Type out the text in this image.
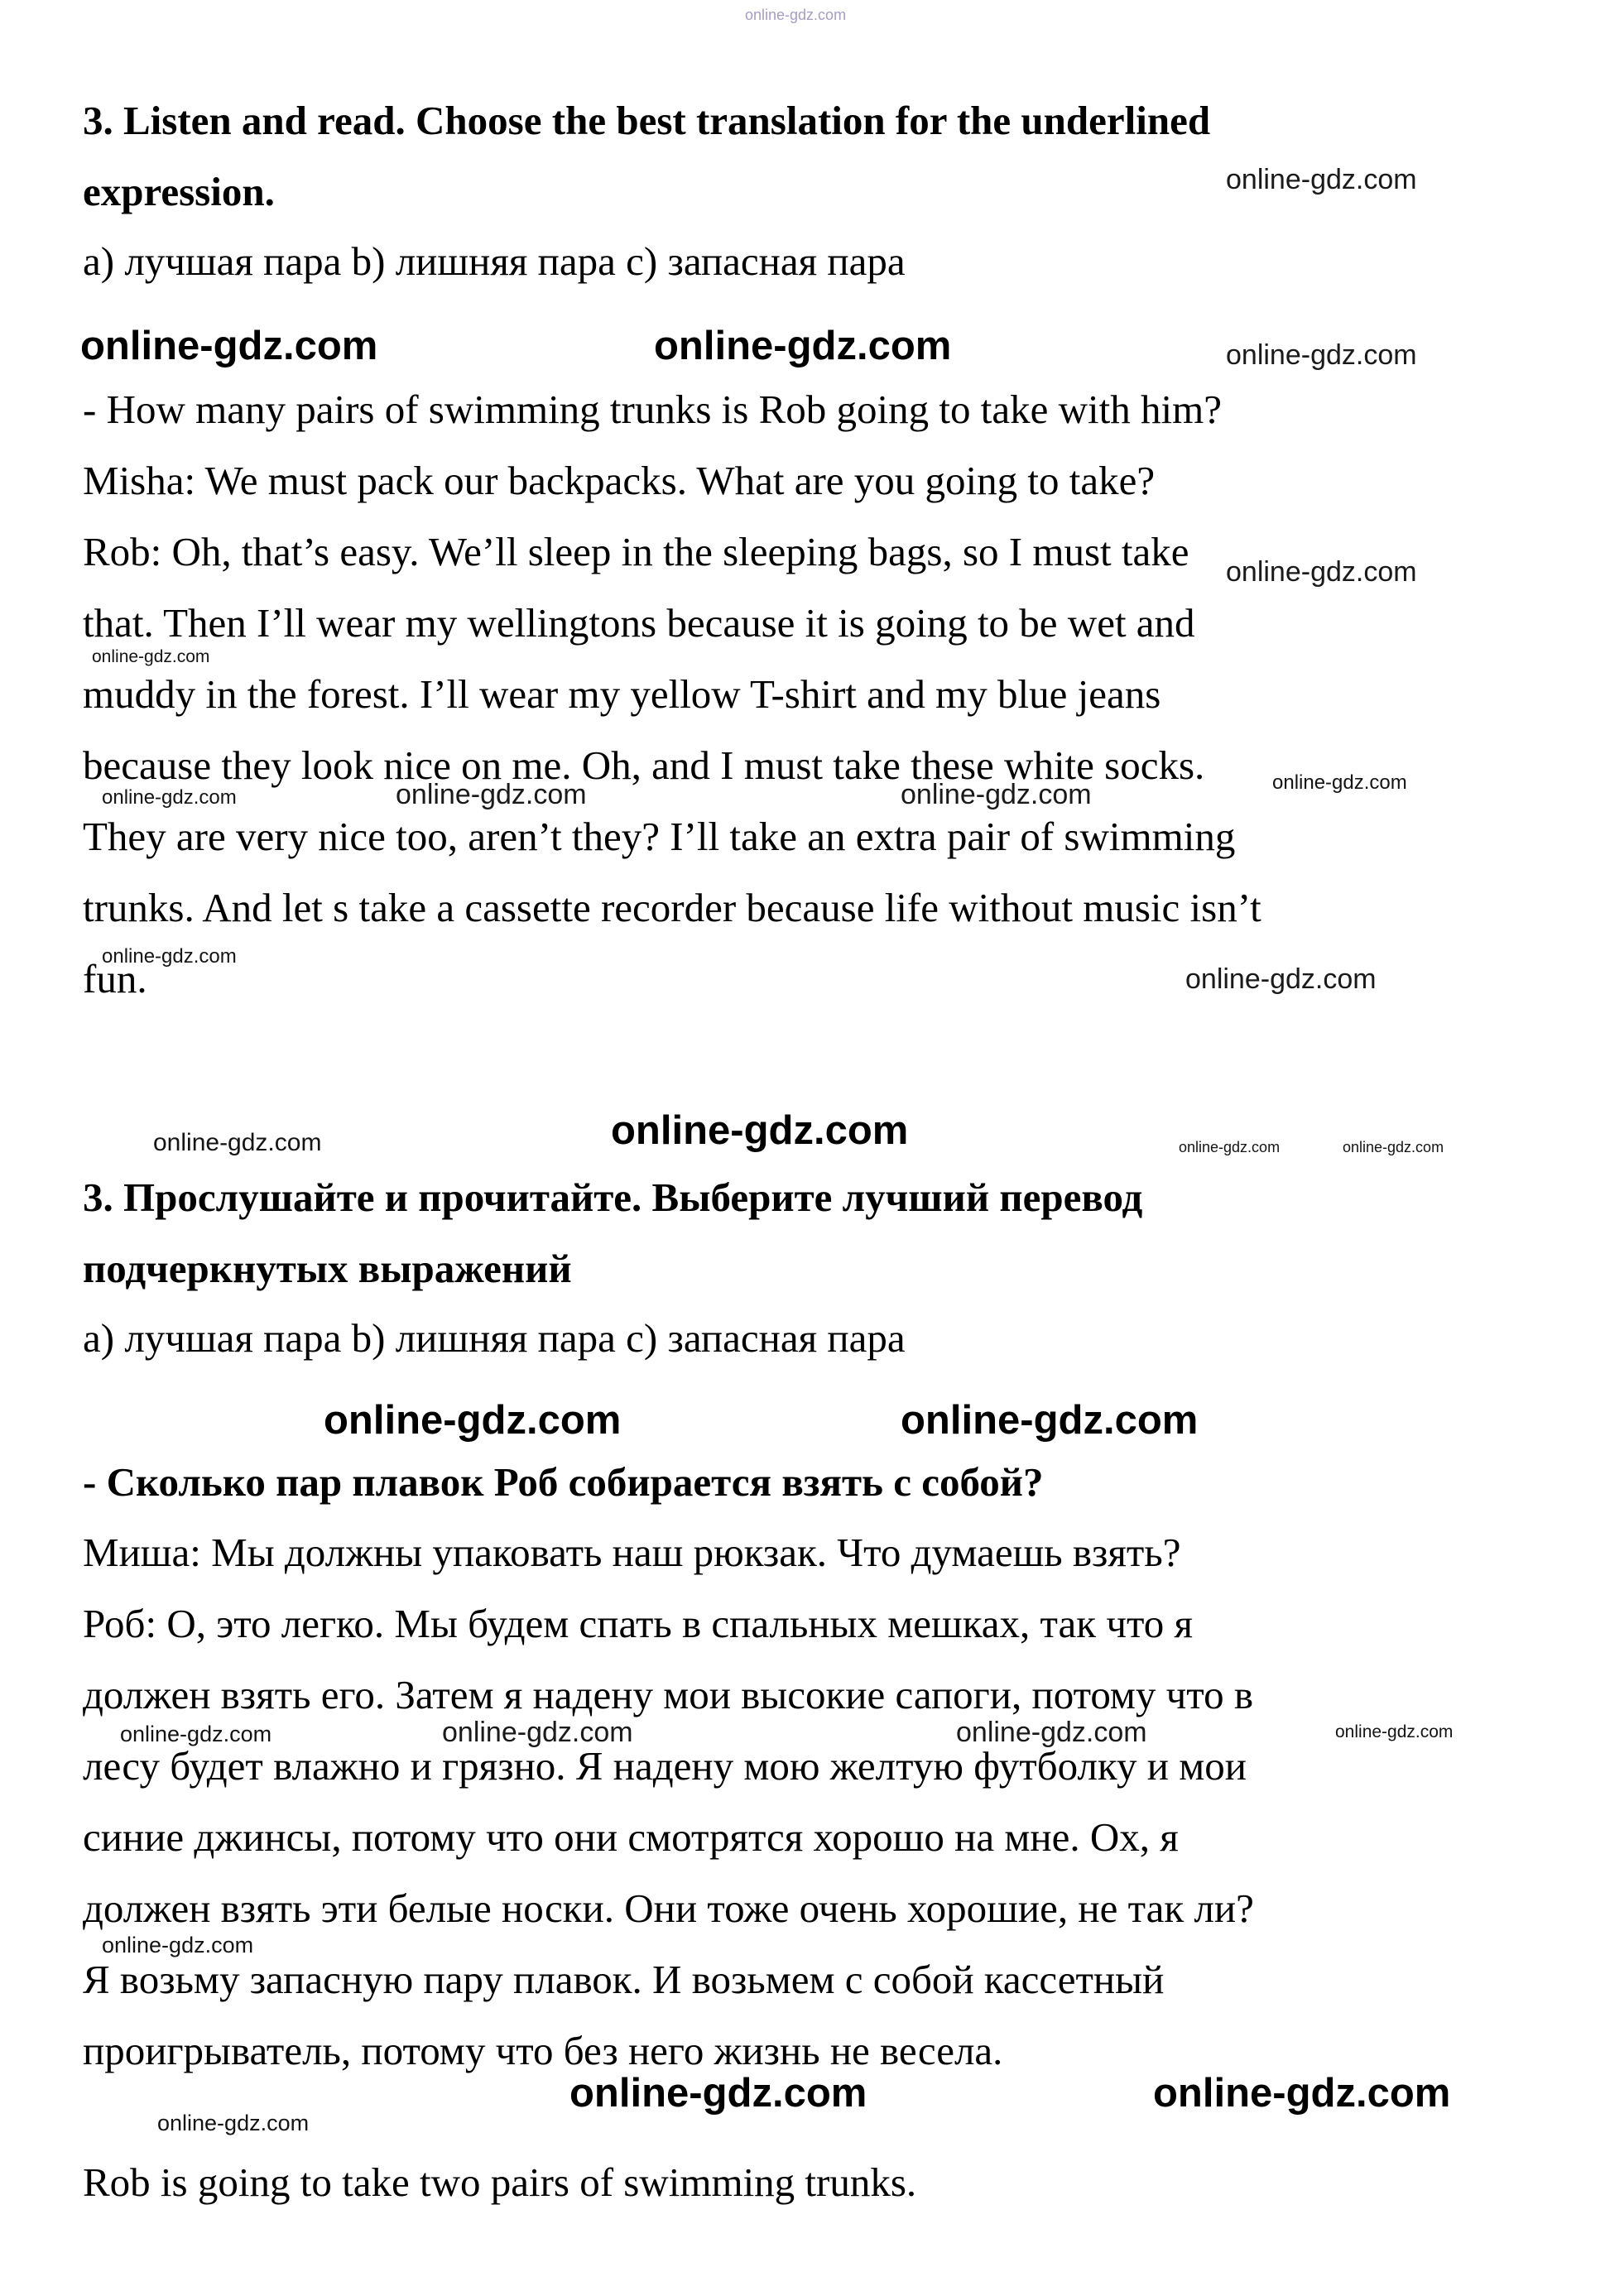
online-gdz.com
online-gdz.com
online-gdz.com	online-gdz.com	online-gdz.com
online-gdz.com
online-gdz.com
online-gdz.com	online-gdz.com	online-gdz.com	online-gdz.com
online-gdz.com
online-gdz.com
online-gdz.com	online-gdz.com	online-gdz.com	online-gdz.com
online-gdz.com	online-gdz.com
online-gdz.com	online-gdz.com	online-gdz.com	online-gdz.com
online-gdz.com
online-gdz.com	online-gdz.com
online-gdz.com
3. Listen and read. Choose the best translation for the underlined
expression.
a) лучшая пара b) лишняя пара c) запасная пара
- How many pairs of swimming trunks is Rob going to take with him?
Misha: We must pack our backpacks. What are you going to take?
Rob: Oh, that’s easy. We’ll sleep in the sleeping bags, so I must take
that. Then I’ll wear my wellingtons because it is going to be wet and
muddy in the forest. I’ll wear my yellow T-shirt and my blue jeans
because they look nice on me. Oh, and I must take these white socks.
They are very nice too, aren’t they? I’ll take an extra pair of swimming
trunks. And let s take a cassette recorder because life without music isn’t
fun.
3. Прослушайте и прочитайте. Выберите лучший перевод
подчеркнутых выражений
a) лучшая пара b) лишняя пара c) запасная пара
- Сколько пар плавок Роб собирается взять с собой?
Миша: Мы должны упаковать наш рюкзак. Что думаешь взять?
Роб: О, это легко. Мы будем спать в спальных мешках, так что я
должен взять его. Затем я надену мои высокие сапоги, потому что в
лесу будет влажно и грязно. Я надену мою желтую футболку и мои
синие джинсы, потому что они смотрятся хорошо на мне. Ох, я
должен взять эти белые носки. Они тоже очень хорошие, не так ли?
Я возьму запасную пару плавок. И возьмем с собой кассетный
проигрыватель, потому что без него жизнь не весела.
Rob is going to take two pairs of swimming trunks.
